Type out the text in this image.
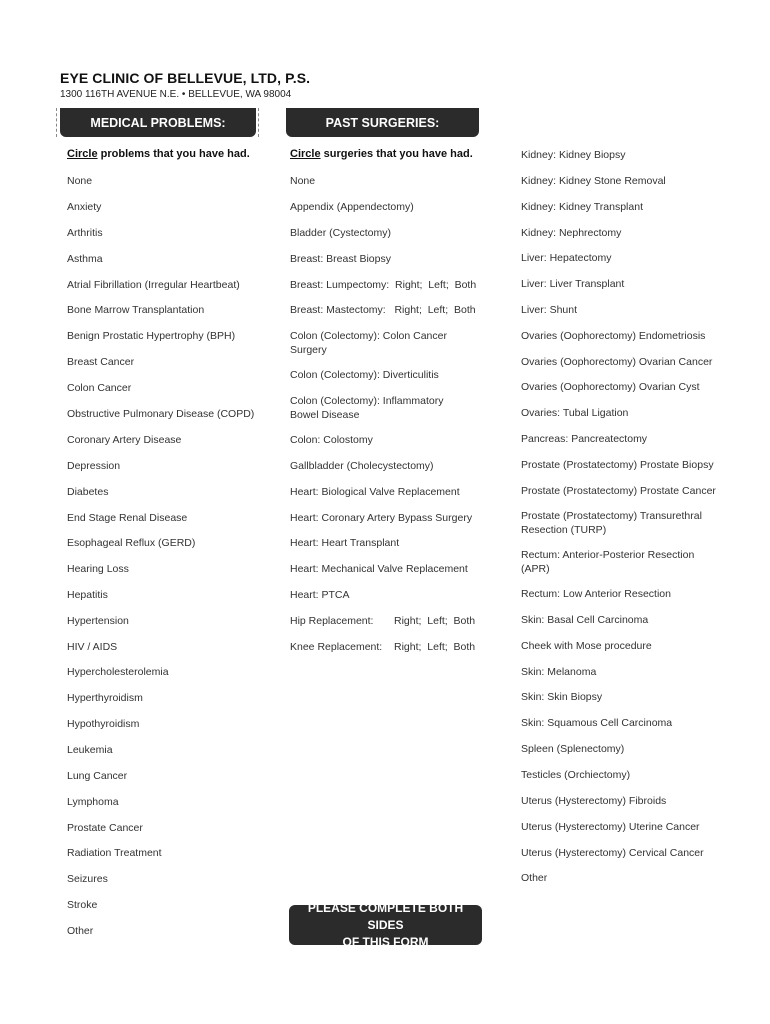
EYE CLINIC OF BELLEVUE, LTD, P.S.
1300 116TH AVENUE N.E. • BELLEVUE, WA 98004
MEDICAL PROBLEMS:	PAST SURGERIES:
Circle problems that you have had.	Circle surgeries that you have had.
None
Anxiety
Arthritis
Asthma
Atrial Fibrillation (Irregular Heartbeat)
Bone Marrow Transplantation
Benign Prostatic Hypertrophy (BPH)
Breast Cancer
Colon Cancer
Obstructive Pulmonary Disease (COPD)
Coronary Artery Disease
Depression
Diabetes
End Stage Renal Disease
Esophageal Reflux (GERD)
Hearing Loss
Hepatitis
Hypertension
HIV / AIDS
Hypercholesterolemia
Hyperthyroidism
Hypothyroidism
Leukemia
Lung Cancer
Lymphoma
Prostate Cancer
Radiation Treatment
Seizures
Stroke
Other
None
Appendix (Appendectomy)
Bladder (Cystectomy)
Breast: Breast Biopsy
Breast: Lumpectomy:  Right;  Left;  Both
Breast: Mastectomy:   Right;  Left;  Both
Colon (Colectomy): Colon Cancer Surgery
Colon (Colectomy): Diverticulitis
Colon (Colectomy): Inflammatory Bowel Disease
Colon: Colostomy
Gallbladder (Cholecystectomy)
Heart: Biological Valve Replacement
Heart: Coronary Artery Bypass Surgery
Heart: Heart Transplant
Heart: Mechanical Valve Replacement
Heart: PTCA
Hip Replacement:	Right;  Left;  Both
Knee Replacement:	Right;  Left;  Both
Kidney: Kidney Biopsy
Kidney: Kidney Stone Removal
Kidney: Kidney Transplant
Kidney: Nephrectomy
Liver: Hepatectomy
Liver: Liver Transplant
Liver: Shunt
Ovaries (Oophorectomy) Endometriosis
Ovaries (Oophorectomy) Ovarian Cancer
Ovaries (Oophorectomy) Ovarian Cyst
Ovaries: Tubal Ligation
Pancreas: Pancreatectomy
Prostate (Prostatectomy) Prostate Biopsy
Prostate (Prostatectomy) Prostate Cancer
Prostate (Prostatectomy) Transurethral Resection (TURP)
Rectum: Anterior-Posterior Resection (APR)
Rectum: Low Anterior Resection
Skin: Basal Cell Carcinoma
Cheek with Mose procedure
Skin: Melanoma
Skin: Skin Biopsy
Skin: Squamous Cell Carcinoma
Spleen (Splenectomy)
Testicles (Orchiectomy)
Uterus (Hysterectomy) Fibroids
Uterus (Hysterectomy) Uterine Cancer
Uterus (Hysterectomy) Cervical Cancer
Other
PLEASE COMPLETE BOTH SIDES
OF THIS FORM
